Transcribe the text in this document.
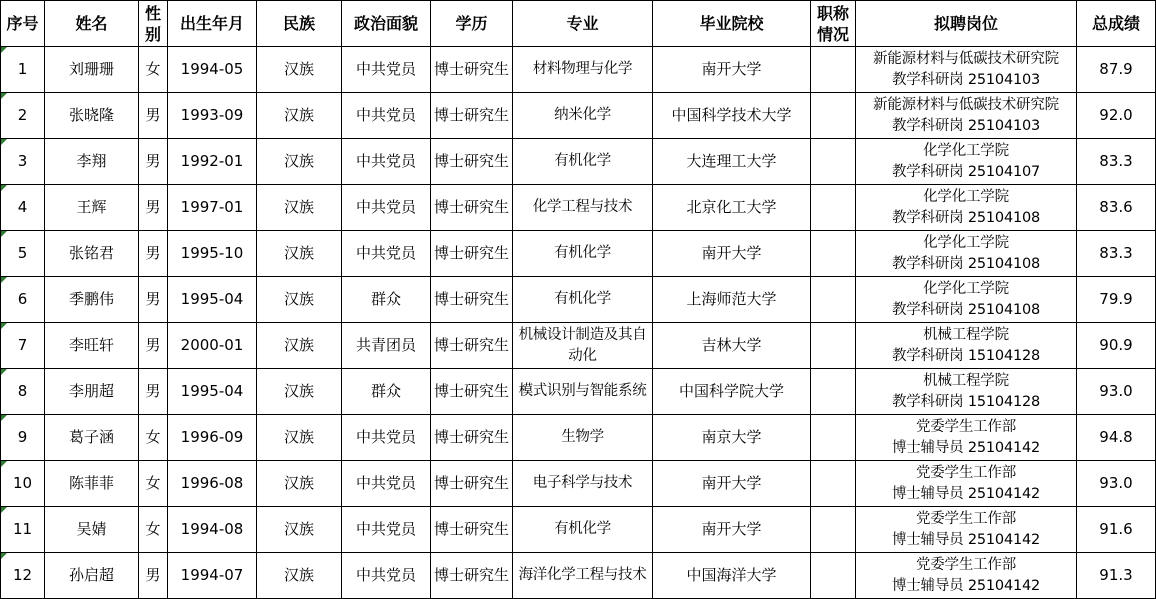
序号	姓名	性别	出生年月	民族	政治面貌	学历	专业	毕业院校	职称情况	拟聘岗位	总成绩
1	刘珊珊	女	1994-05	汉族	中共党员	博士研究生	材料物理与化学	南开大学		新能源材料与低碳技术研究院
教学科研岗 25104103	87.9
2	张晓隆	男	1993-09	汉族	中共党员	博士研究生	纳米化学	中国科学技术大学		新能源材料与低碳技术研究院
教学科研岗 25104103	92.0
3	李翔	男	1992-01	汉族	中共党员	博士研究生	有机化学	大连理工大学		化学化工学院
教学科研岗 25104107	83.3
4	王辉	男	1997-01	汉族	中共党员	博士研究生	化学工程与技术	北京化工大学		化学化工学院
教学科研岗 25104108	83.6
5	张铭君	男	1995-10	汉族	中共党员	博士研究生	有机化学	南开大学		化学化工学院
教学科研岗 25104108	83.3
6	季鹏伟	男	1995-04	汉族	群众	博士研究生	有机化学	上海师范大学		化学化工学院
教学科研岗 25104108	79.9
7	李旺轩	男	2000-01	汉族	共青团员	博士研究生	机械设计制造及其自动化	吉林大学		机械工程学院
教学科研岗 15104128	90.9
8	李朋超	男	1995-04	汉族	群众	博士研究生	模式识别与智能系统	中国科学院大学		机械工程学院
教学科研岗 15104128	93.0
9	葛子涵	女	1996-09	汉族	中共党员	博士研究生	生物学	南京大学		党委学生工作部
博士辅导员 25104142	94.8
10	陈菲菲	女	1996-08	汉族	中共党员	博士研究生	电子科学与技术	南开大学		党委学生工作部
博士辅导员 25104142	93.0
11	吴婧	女	1994-08	汉族	中共党员	博士研究生	有机化学	南开大学		党委学生工作部
博士辅导员 25104142	91.6
12	孙启超	男	1994-07	汉族	中共党员	博士研究生	海洋化学工程与技术	中国海洋大学		党委学生工作部
博士辅导员 25104142	91.3
